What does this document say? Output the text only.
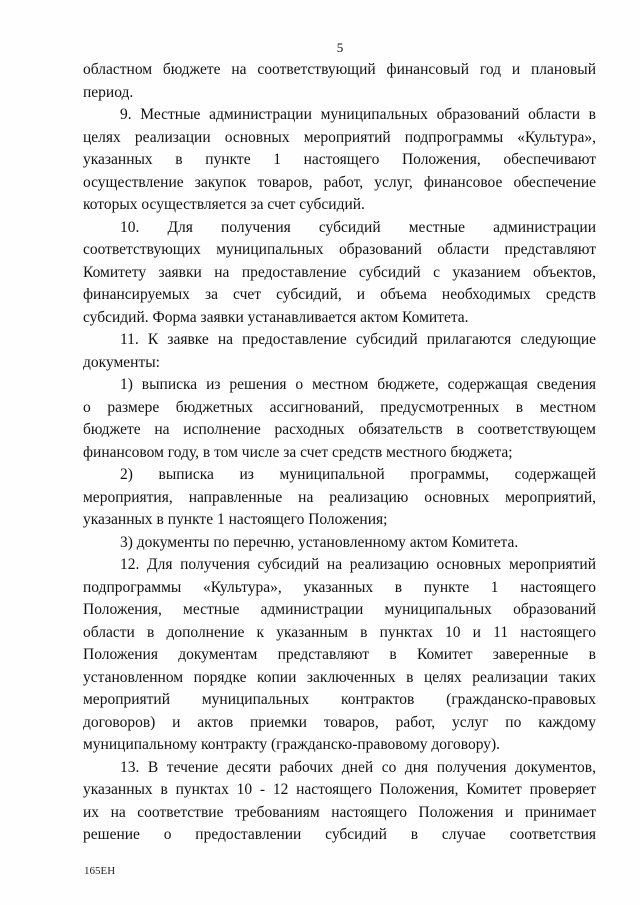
5

областном бюджете на соответствующий финансовый год и плановый
период.

9. Местные администрации муниципальных образований области в
целях реализации основных мероприятий подпрограммы «Культура»,
указанных в пункте 1 настоящего Положения, обеспечивают
осуществление закупок товаров, работ, услуг, финансовое обеспечение
которых осуществляется за счет субсидий.

10. Для получения субсидий местные администрации
соответствующих муниципальных образований области представляют
Комитету заявки на предоставление субсидий с указанием объектов,
финансируемых за счет субсидий, и объема необходимых средств
субсидий. Форма заявки устанавливается актом Комитета.

11. К заявке на предоставление субсидий прилагаются следующие
документы:

1) выписка из решения о местном бюджете, содержащая сведения
о размере бюджетных ассигнований, предусмотренных в местном
бюджете на исполнение расходных обязательств в соответствующем
финансовом году, в том числе за счет средств местного бюджета;

2) выписка из муниципальной программы, содержащей
мероприятия, направленные на реализацию основных мероприятий,
указанных в пункте 1 настоящего Положения;

3) документы по перечню, установленному актом Комитета.

12. Для получения субсидий на реализацию основных мероприятий
подпрограммы «Культура», указанных в пункте 1 настоящего
Положения, местные администрации муниципальных образований
области в дополнение к указанным в пунктах 10 и 11 настоящего
Положения документам представляют в Комитет заверенные в
установленном порядке копии заключенных в целях реализации таких
мероприятий муниципальных контрактов (гражданско-правовых
договоров) и актов приемки товаров, работ, услуг по каждому
муниципальному контракту (гражданско-правовому договору).

13. В течение десяти рабочих дней со дня получения документов,
указанных в пунктах 10 - 12 настоящего Положения, Комитет проверяет
их на соответствие требованиям настоящего Положения и принимает
решение о предоставлении субсидий в случае соответствия

165ЕН
